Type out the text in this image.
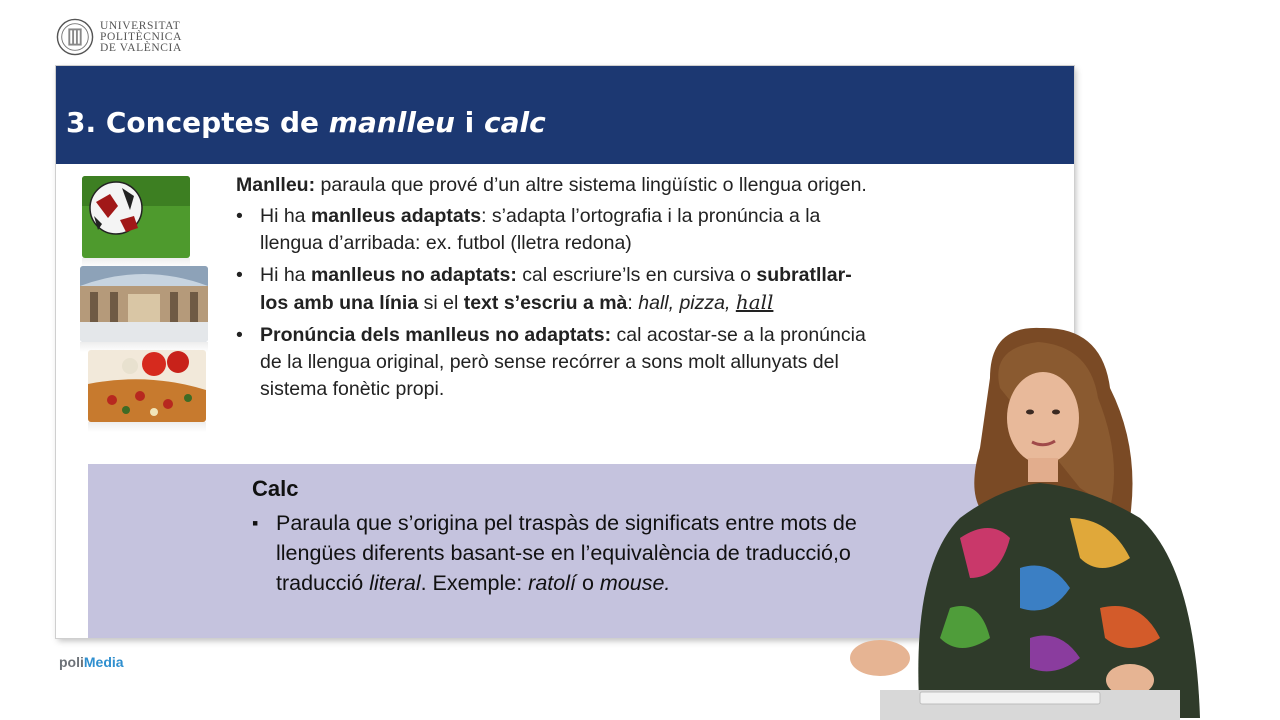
UNIVERSITAT
POLITÈCNICA
DE VALÈNCIA
3. Conceptes de manlleu i calc

Manlleu: paraula que prové d’un altre sistema lingüístic o llengua origen.

• Hi ha manlleus adaptats: s’adapta l’ortografia i la pronúncia a la llengua d’arribada: ex. futbol (lletra redona)
• Hi ha manlleus no adaptats: cal escriure’ls en cursiva o subratllar-los amb una línia si el text s’escriu a mà: hall, pizza, hall
• Pronúncia dels manlleus no adaptats: cal acostar-se a la pronúncia de la llengua original, però sense recórrer a sons molt allunyats del sistema fonètic propi.
Calc
▪ Paraula que s’origina pel traspàs de significats entre mots de llengües diferents basant-se en l’equivalència de traducció,o traducció literal. Exemple: ratolí o mouse.
poliMedia
